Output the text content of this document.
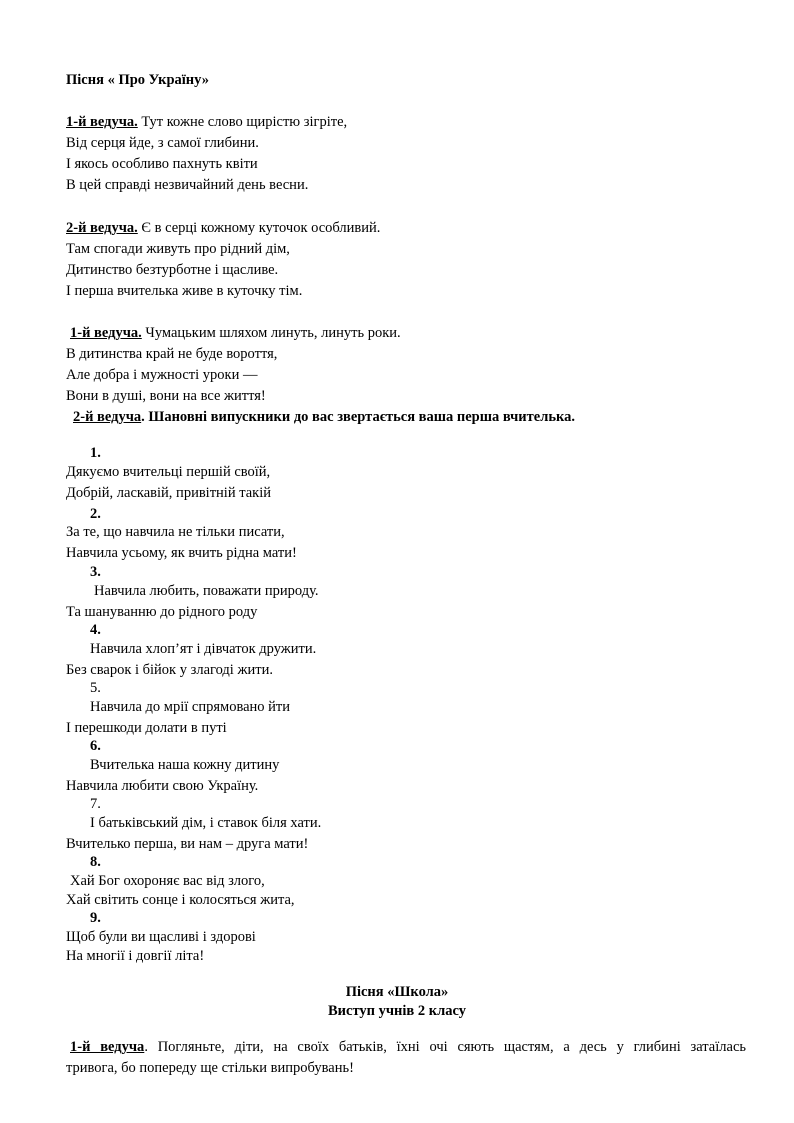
Пісня « Про Україну»
1-й ведуча. Тут кожне слово щирістю зігріте,
Від серця йде, з самої глибини.
І якось особливо пахнуть квіти
В цей справді незвичайний день весни.
2-й ведуча. Є в серці кожному куточок особливий.
Там спогади живуть про рідний дім,
Дитинство безтурботне і щасливе.
І перша вчителька живе в куточку тім.
1-й ведуча. Чумацьким шляхом линуть, линуть роки.
В дитинства край не буде вороття,
Але добра і мужності уроки —
Вони в душі, вони на все життя!
2-й ведуча. Шановні випускники до вас звертається ваша перша вчителька.
1.
Дякуємо вчительці першій своїй,
Добрій, ласкавій, привітній такій
2.
За те, що навчила не тільки писати,
Навчила усьому, як вчить рідна мати!
3.
Навчила любить, поважати природу.
Та шануванню до рідного роду
4.
Навчила хлоп’ят і дівчаток дружити.
Без сварок і бійок у злагоді жити.
5.
Навчила до мрії спрямовано йти
І перешкоди долати в путі
6.
Вчителька наша кожну дитину
Навчила любити свою Україну.
7.
І батьківський дім, і ставок біля хати.
Вчителько перша, ви нам – друга мати!
8.
Хай Бог охороняє вас від злого,
Хай світить сонце і колосяться жита,
9.
Щоб були ви щасливі і здорові
На многії і довгії літа!
Пісня «Школа»
Виступ учнів 2 класу
1-й ведуча. Погляньте, діти, на своїх батьків, їхні очі сяють щастям, а десь у глибині затаїлась
тривога, бо попереду ще стільки випробувань!
